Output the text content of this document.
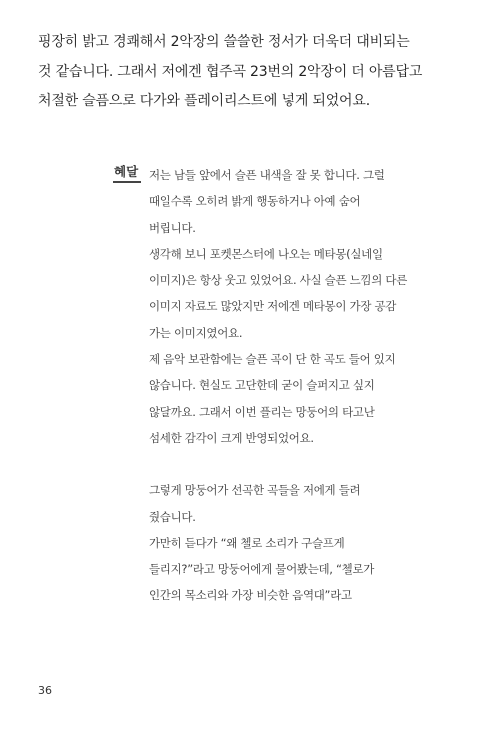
핑장히 밝고 경쾌해서 2악장의 쓸쓸한 정서가 더욱더 대비되는
것 같습니다. 그래서 저에겐 협주곡 23번의 2악장이 더 아름답고
처절한 슬픔으로 다가와 플레이리스트에 넣게 되었어요.
혜달 저는 남들 앞에서 슬픈 내색을 잘 못 합니다. 그럴
때일수록 오히려 밝게 행동하거나 아예 숨어
버립니다.
생각해 보니 포켓몬스터에 나오는 메타몽(실네일
이미지)은 항상 웃고 있었어요. 사실 슬픈 느낌의 다른
이미지 자료도 많았지만 저에겐 메타몽이 가장 공감
가는 이미지였어요.
제 음악 보관함에는 슬픈 곡이 단 한 곡도 들어 있지
않습니다. 현실도 고단한데 굳이 슬퍼지고 싶지
않달까요. 그래서 이번 플리는 망둥어의 타고난
섬세한 감각이 크게 반영되었어요.
그렇게 망둥어가 선곡한 곡들을 저에게 들려
줬습니다.
가만히 듣다가 “왜 첼로 소리가 구슬프게
들리지?”라고 망둥어에게 물어봤는데, “첼로가
인간의 목소리와 가장 비슷한 음역대”라고
36
